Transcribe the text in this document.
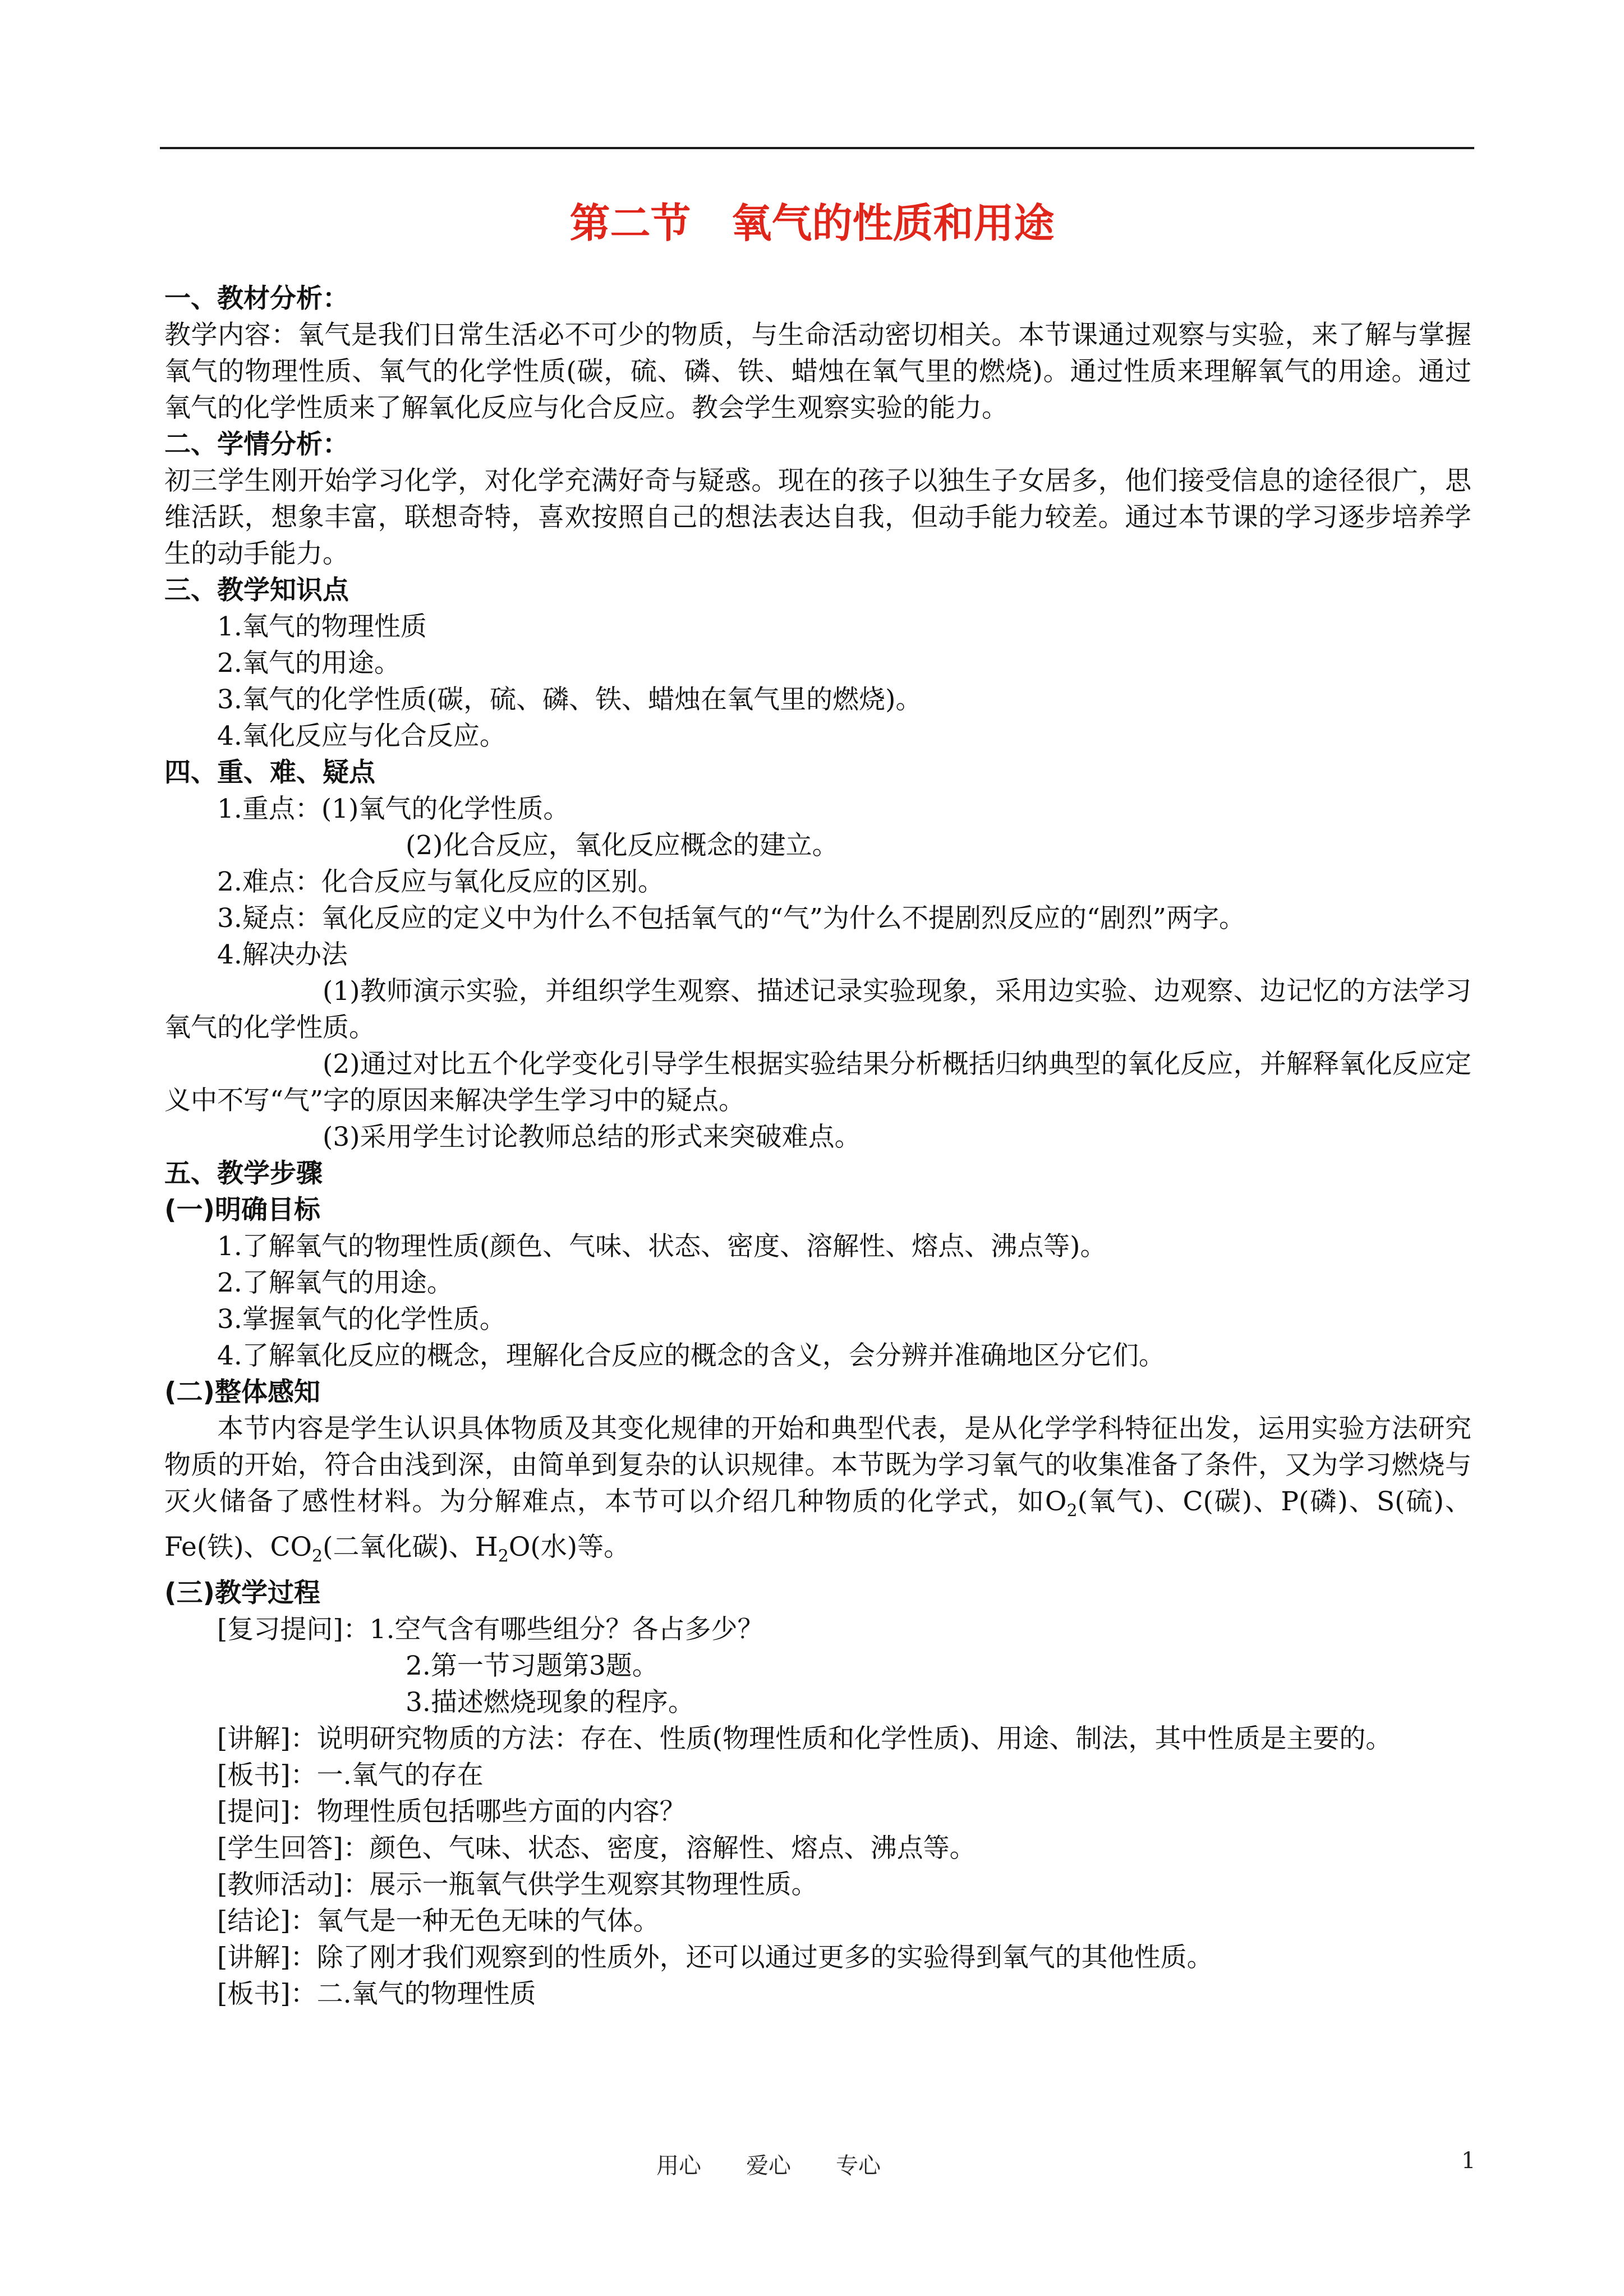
第二节　氧气的性质和用途

一、教材分析：

教学内容：氧气是我们日常生活必不可少的物质，与生命活动密切相关。本节课通过观察与实验，来了解与掌握氧气的物理性质、氧气的化学性质(碳，硫、磷、铁、蜡烛在氧气里的燃烧)。通过性质来理解氧气的用途。通过氧气的化学性质来了解氧化反应与化合反应。教会学生观察实验的能力。

二、学情分析：

初三学生刚开始学习化学，对化学充满好奇与疑惑。现在的孩子以独生子女居多，他们接受信息的途径很广，思维活跃，想象丰富，联想奇特，喜欢按照自己的想法表达自我，但动手能力较差。通过本节课的学习逐步培养学生的动手能力。

三、教学知识点

1.氧气的物理性质

2.氧气的用途。

3.氧气的化学性质(碳，硫、磷、铁、蜡烛在氧气里的燃烧)。

4.氧化反应与化合反应。

四、重、难、疑点

1.重点：(1)氧气的化学性质。

(2)化合反应，氧化反应概念的建立。

2.难点：化合反应与氧化反应的区别。

3.疑点：氧化反应的定义中为什么不包括氧气的“气”为什么不提剧烈反应的“剧烈”两字。

4.解决办法

(1)教师演示实验，并组织学生观察、描述记录实验现象，采用边实验、边观察、边记忆的方法学习氧气的化学性质。

(2)通过对比五个化学变化引导学生根据实验结果分析概括归纳典型的氧化反应，并解释氧化反应定义中不写“气”字的原因来解决学生学习中的疑点。

(3)采用学生讨论教师总结的形式来突破难点。

五、教学步骤

(一)明确目标

1.了解氧气的物理性质(颜色、气味、状态、密度、溶解性、熔点、沸点等)。

2.了解氧气的用途。

3.掌握氧气的化学性质。

4.了解氧化反应的概念，理解化合反应的概念的含义，会分辨并准确地区分它们。

(二)整体感知

本节内容是学生认识具体物质及其变化规律的开始和典型代表，是从化学学科特征出发，运用实验方法研究物质的开始，符合由浅到深，由简单到复杂的认识规律。本节既为学习氧气的收集准备了条件，又为学习燃烧与灭火储备了感性材料。为分解难点，本节可以介绍几种物质的化学式，如$O_2$(氧气)、C(碳)、P(磷)、S(硫)、Fe(铁)、$CO_2$(二氧化碳)、$H_2O$(水)等。

(三)教学过程

[复习提问]：1.空气含有哪些组分？各占多少？

2.第一节习题第3题。

3.描述燃烧现象的程序。

[讲解]：说明研究物质的方法：存在、性质(物理性质和化学性质)、用途、制法，其中性质是主要的。

[板书]：一.氧气的存在

[提问]：物理性质包括哪些方面的内容？

[学生回答]：颜色、气味、状态、密度，溶解性、熔点、沸点等。

[教师活动]：展示一瓶氧气供学生观察其物理性质。

[结论]：氧气是一种无色无味的气体。

[讲解]：除了刚才我们观察到的性质外，还可以通过更多的实验得到氧气的其他性质。

[板书]：二.氧气的物理性质

用心　　爱心　　专心	1
